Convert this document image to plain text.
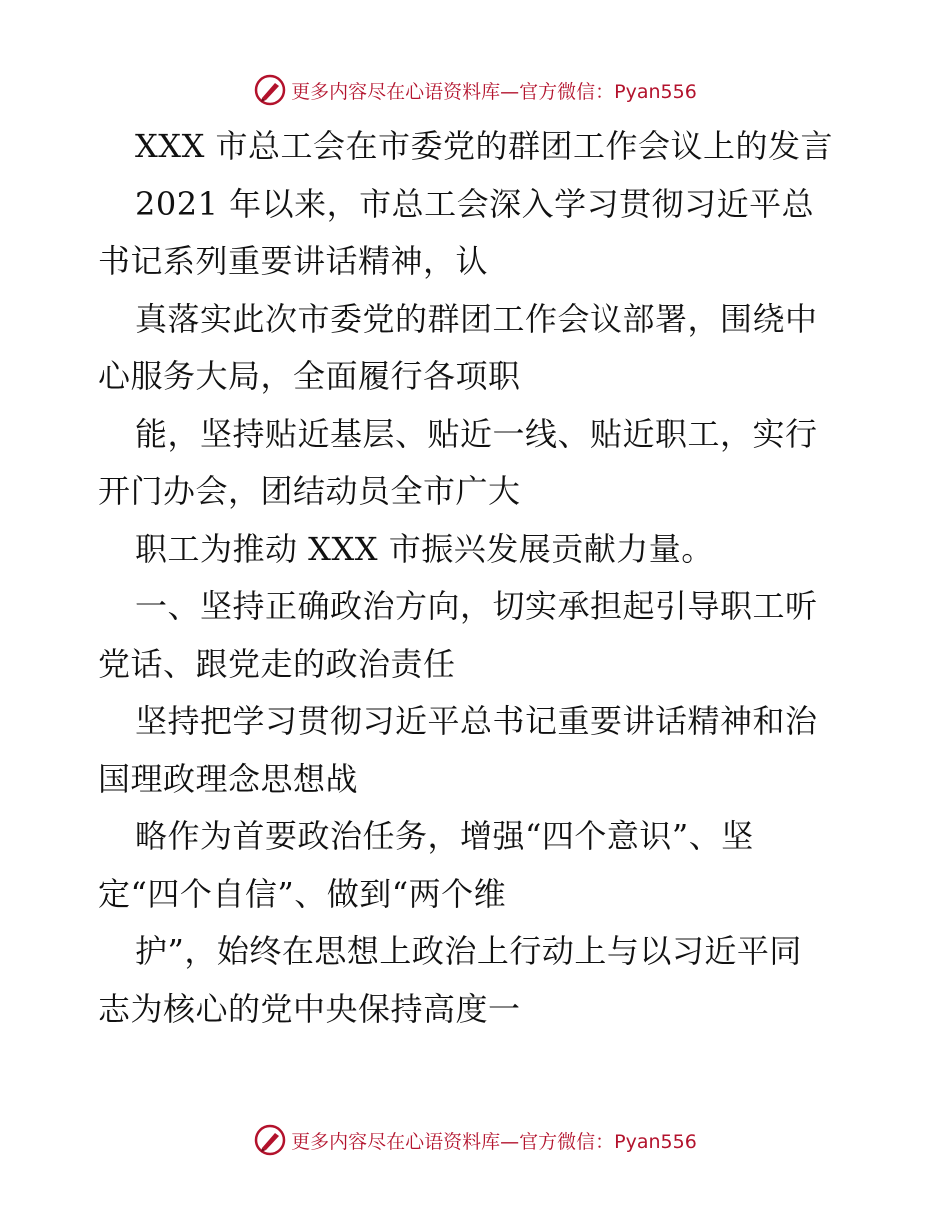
更多内容尽在心语资料库—官方微信：Pyan556
XXX 市总工会在市委党的群团工作会议上的发言
2021 年以来，市总工会深入学习贯彻习近平总
书记系列重要讲话精神，认
真落实此次市委党的群团工作会议部署，围绕中
心服务大局，全面履行各项职
能，坚持贴近基层、贴近一线、贴近职工，实行
开门办会，团结动员全市广大
职工为推动 XXX 市振兴发展贡献力量。
一、坚持正确政治方向，切实承担起引导职工听
党话、跟党走的政治责任
坚持把学习贯彻习近平总书记重要讲话精神和治
国理政理念思想战
略作为首要政治任务，增强“四个意识”、坚
定“四个自信”、做到“两个维
护”，始终在思想上政治上行动上与以习近平同
志为核心的党中央保持高度一
更多内容尽在心语资料库—官方微信：Pyan556
